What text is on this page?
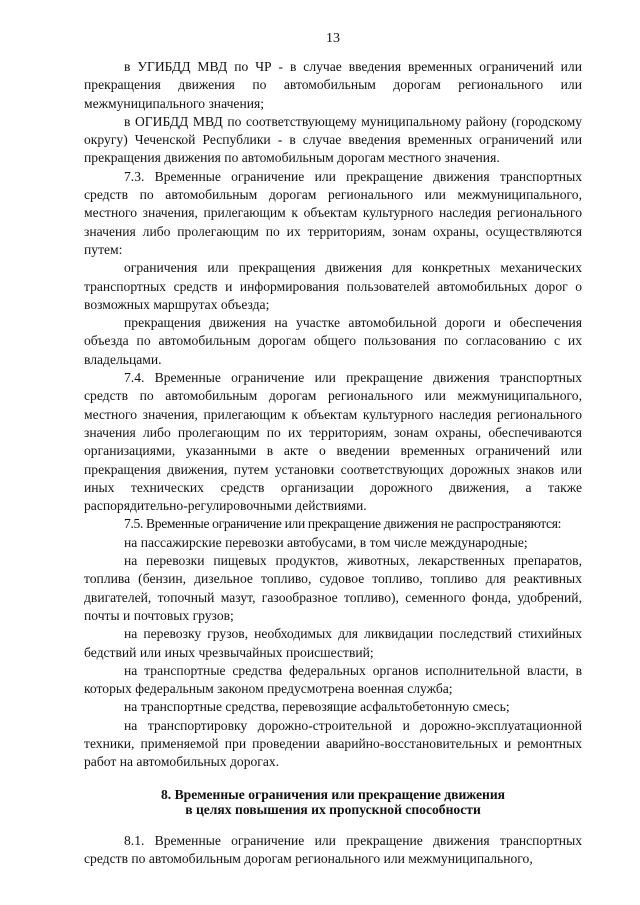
13

в УГИБДД МВД по ЧР - в случае введения временных ограничений или прекращения движения по автомобильным дорогам регионального или межмуниципального значения;

в ОГИБДД МВД по соответствующему муниципальному району (городскому округу) Чеченской Республики - в случае введения временных ограничений или прекращения движения по автомобильным дорогам местного значения.

7.3. Временные ограничение или прекращение движения транспортных средств по автомобильным дорогам регионального или межмуниципального, местного значения, прилегающим к объектам культурного наследия регионального значения либо пролегающим по их территориям, зонам охраны, осуществляются путем:

ограничения или прекращения движения для конкретных механических транспортных средств и информирования пользователей автомобильных дорог о возможных маршрутах объезда;

прекращения движения на участке автомобильной дороги и обеспечения объезда по автомобильным дорогам общего пользования по согласованию с их владельцами.

7.4. Временные ограничение или прекращение движения транспортных средств по автомобильным дорогам регионального или межмуниципального, местного значения, прилегающим к объектам культурного наследия регионального значения либо пролегающим по их территориям, зонам охраны, обеспечиваются организациями, указанными в акте о введении временных ограничений или прекращения движения, путем установки соответствующих дорожных знаков или иных технических средств организации дорожного движения, а также распорядительно-регулировочными действиями.

7.5. Временные ограничение или прекращение движения не распространяются:

на пассажирские перевозки автобусами, в том числе международные;

на перевозки пищевых продуктов, животных, лекарственных препаратов, топлива (бензин, дизельное топливо, судовое топливо, топливо для реактивных двигателей, топочный мазут, газообразное топливо), семенного фонда, удобрений, почты и почтовых грузов;

на перевозку грузов, необходимых для ликвидации последствий стихийных бедствий или иных чрезвычайных происшествий;

на транспортные средства федеральных органов исполнительной власти, в которых федеральным законом предусмотрена военная служба;

на транспортные средства, перевозящие асфальтобетонную смесь;

на транспортировку дорожно-строительной и дорожно-эксплуатационной техники, применяемой при проведении аварийно-восстановительных и ремонтных работ на автомобильных дорогах.

8. Временные ограничения или прекращение движения
в целях повышения их пропускной способности

8.1. Временные ограничение или прекращение движения транспортных средств по автомобильным дорогам регионального или межмуниципального,
